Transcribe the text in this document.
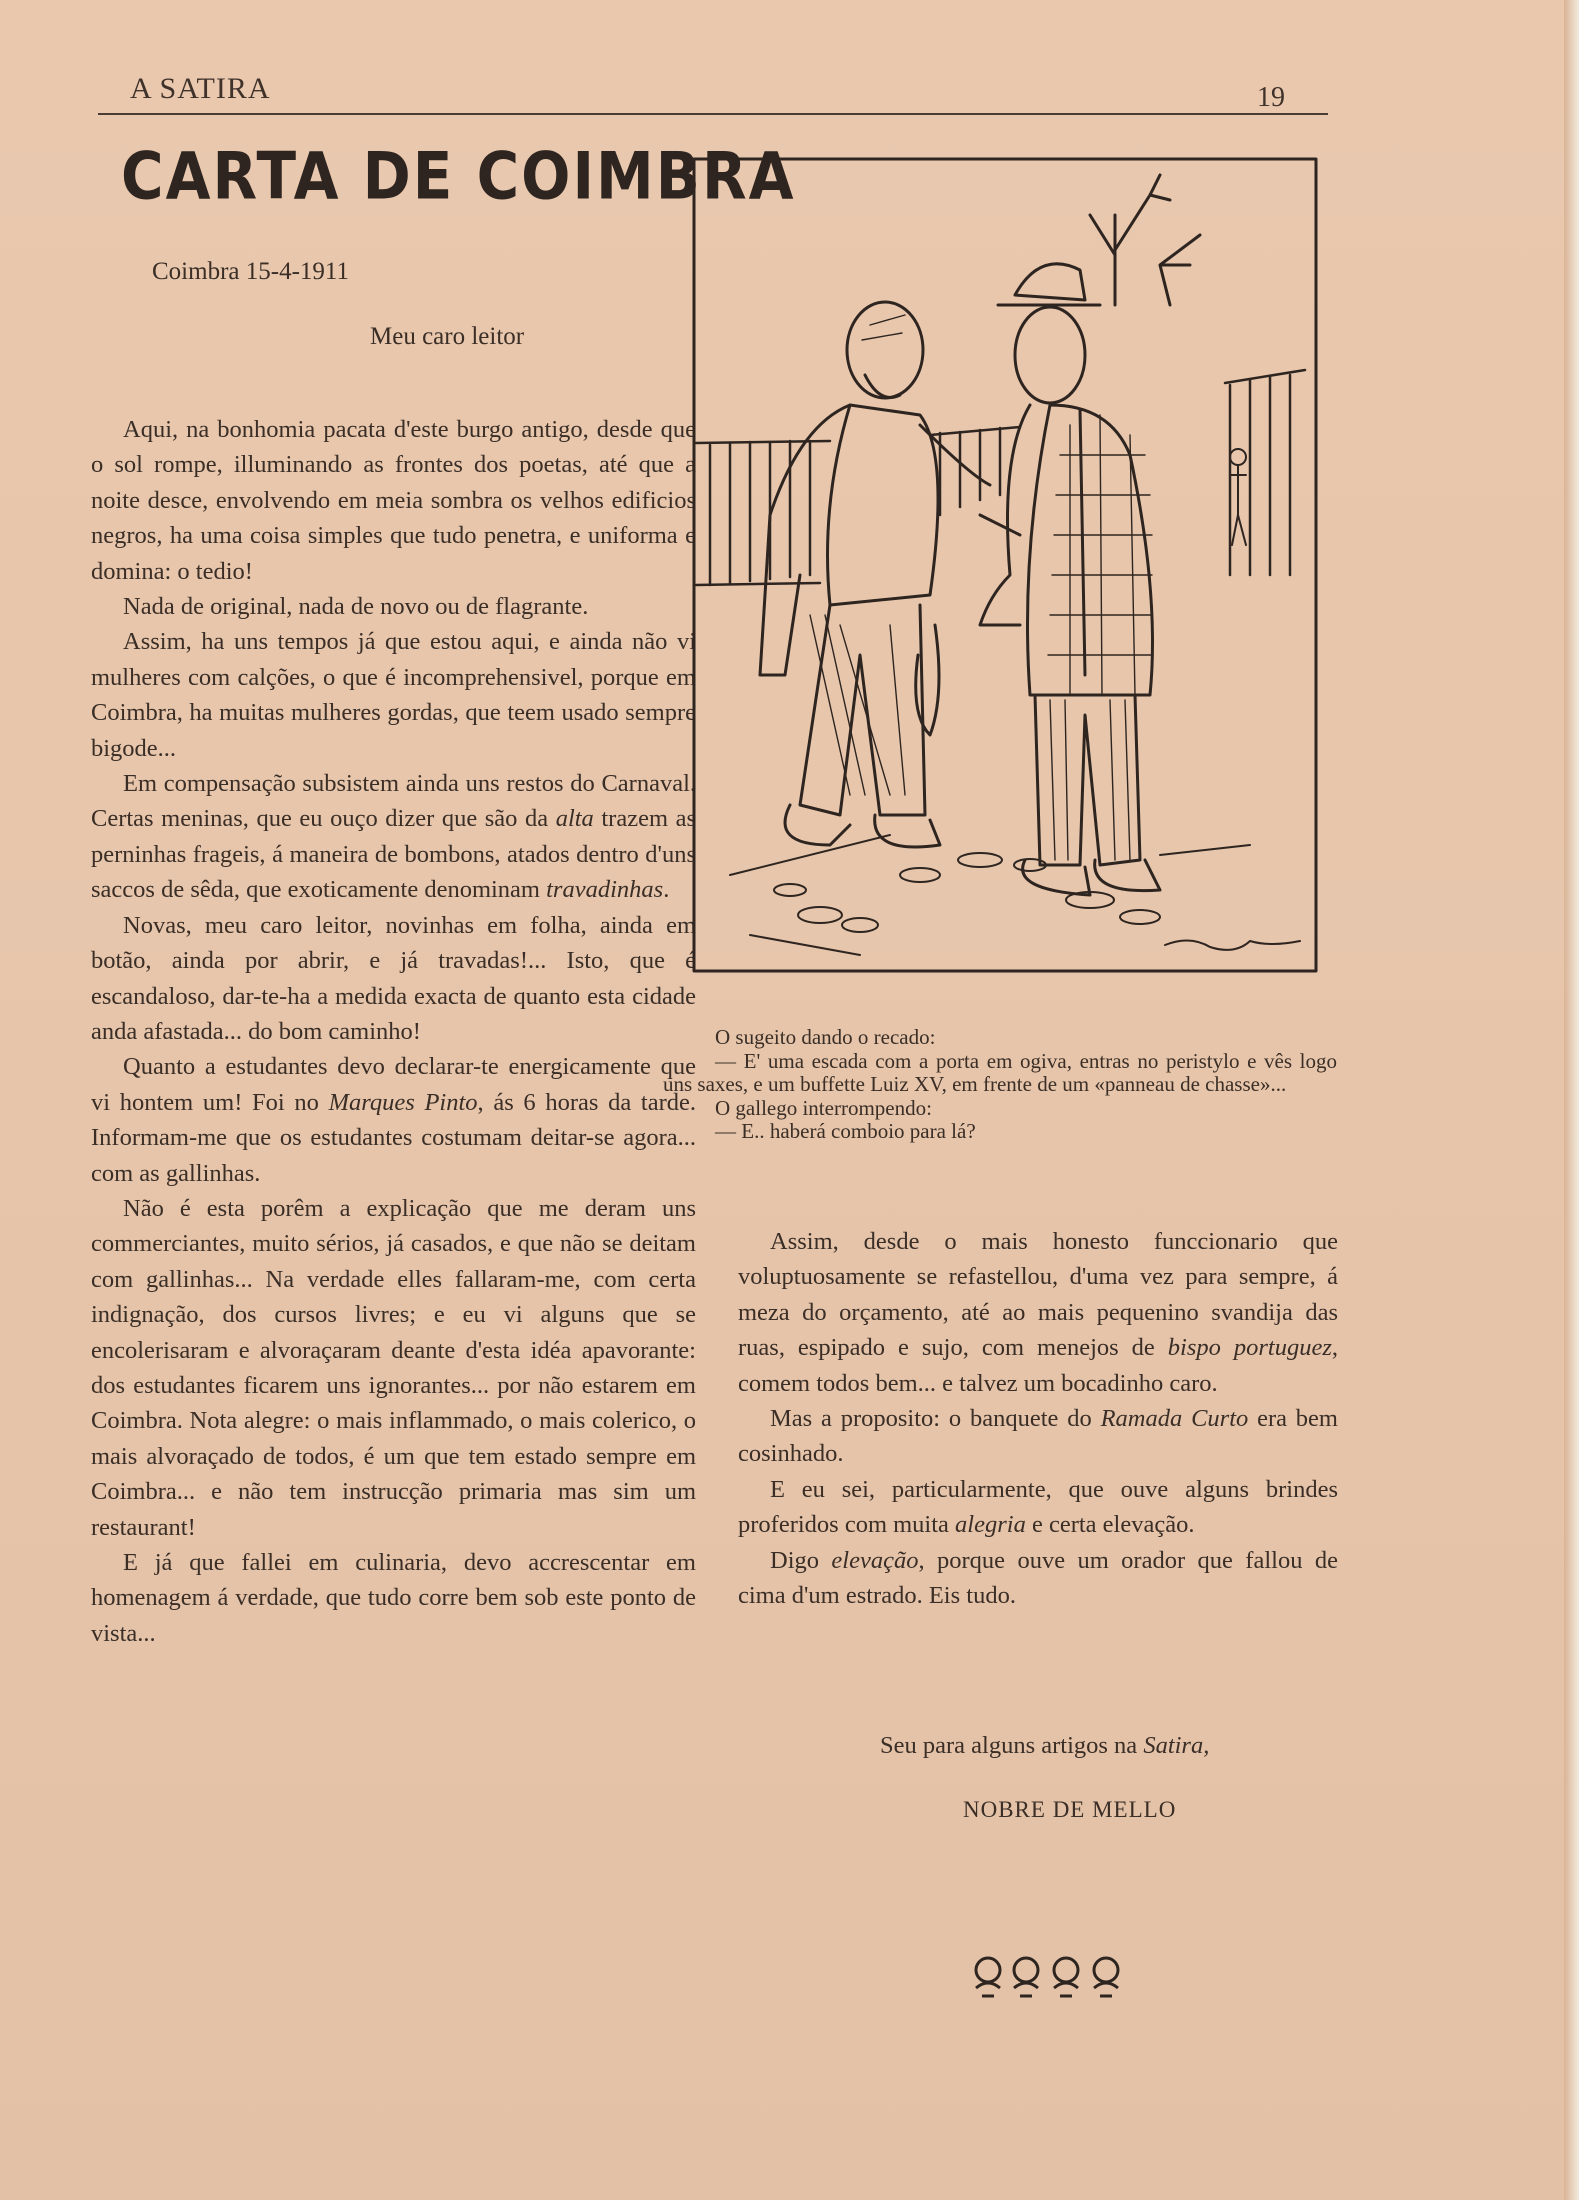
A SATIRA	19
CARTA DE COIMBRA
Coimbra 15-4-1911
Meu caro leitor

Aqui, na bonhomia pacata d'este burgo antigo, desde que o sol rompe, illuminando as frontes dos poetas, até que a noite desce, envolvendo em meia sombra os velhos edificios negros, ha uma coisa simples que tudo penetra, e uniforma e domina: o tedio!

Nada de original, nada de novo ou de flagrante.

Assim, ha uns tempos já que estou aqui, e ainda não vi mulheres com calções, o que é incomprehensivel, porque em Coimbra, ha muitas mulheres gordas, que teem usado sempre bigode...

Em compensação subsistem ainda uns restos do Carnaval. Certas meninas, que eu ouço dizer que são da alta trazem as perninhas frageis, á maneira de bombons, atados dentro d'uns saccos de sêda, que exoticamente denominam travadinhas.

Novas, meu caro leitor, novinhas em folha, ainda em botão, ainda por abrir, e já travadas!... Isto, que é escandaloso, dar-te-ha a medida exacta de quanto esta cidade anda afastada... do bom caminho!

Quanto a estudantes devo declarar-te energicamente que vi hontem um! Foi no Marques Pinto, ás 6 horas da tarde. Informam-me que os estudantes costumam deitar-se agora... com as gallinhas.

Não é esta porêm a explicação que me deram uns commerciantes, muito sérios, já casados, e que não se deitam com gallinhas... Na verdade elles fallaram-me, com certa indignação, dos cursos livres; e eu vi alguns que se encolerisaram e alvoraçaram deante d'esta idéa apavorante: dos estudantes ficarem uns ignorantes... por não estarem em Coimbra. Nota alegre: o mais inflammado, o mais colerico, o mais alvoraçado de todos, é um que tem estado sempre em Coimbra... e não tem instrucção primaria mas sim um restaurant!

E já que fallei em culinaria, devo accrescentar em homenagem á verdade, que tudo corre bem sob este ponto de vista...

O sugeito dando o recado:

— E' uma escada com a porta em ogiva, entras no peristylo e vês logo uns saxes, e um buffette Luiz XV, em frente de um «panneau de chasse»...

O gallego interrompendo:

— E.. haberá comboio para lá?

Assim, desde o mais honesto funccionario que voluptuosamente se refastellou, d'uma vez para sempre, á meza do orçamento, até ao mais pequenino svandija das ruas, espipado e sujo, com menejos de bispo portuguez, comem todos bem... e talvez um bocadinho caro.

Mas a proposito: o banquete do Ramada Curto era bem cosinhado.

E eu sei, particularmente, que ouve alguns brindes proferidos com muita alegria e certa elevação.

Digo elevação, porque ouve um orador que fallou de cima d'um estrado. Eis tudo.

Seu para alguns artigos na Satira,
NOBRE DE MELLO
